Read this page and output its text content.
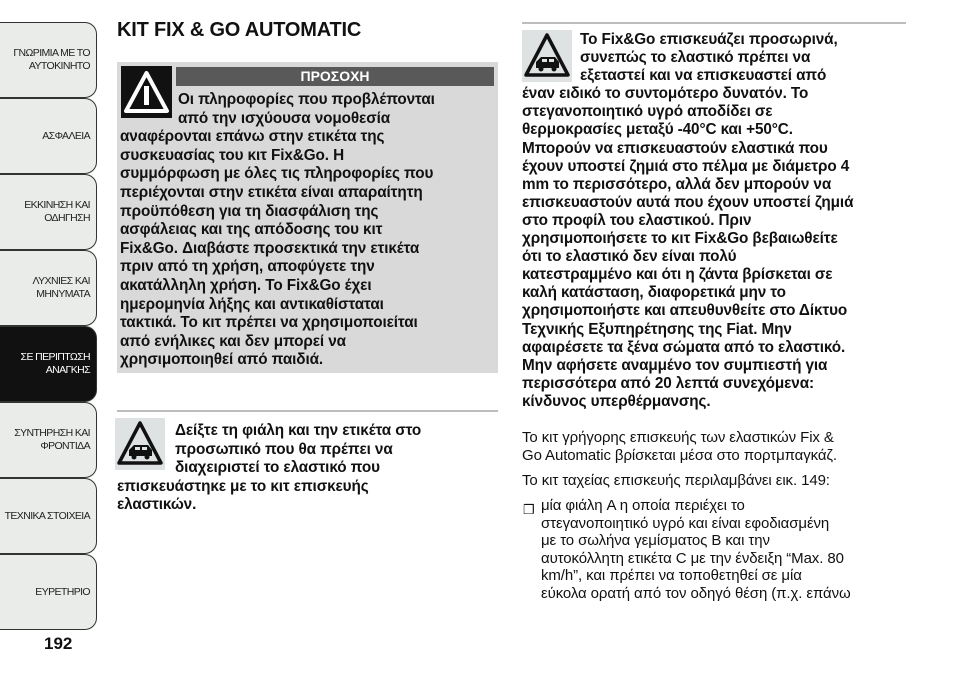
ΓΝΩΡΙΜΙΑ ΜΕ ΤΟ
ΑΥΤΟΚΙΝΗΤΟ
ΑΣΦΑΛΕΙΑ
ΕΚΚΙΝΗΣΗ ΚΑΙ
ΟΔΗΓΗΣΗ
ΛΥΧΝΙΕΣ ΚΑΙ
ΜΗΝΥΜΑΤΑ
ΣΕ ΠΕΡΙΠΤΩΣΗ
ΑΝΑΓΚΗΣ
ΣΥΝΤΗΡΗΣΗ ΚΑΙ
ΦΡΟΝΤΙΔΑ
ΤΕΧΝΙΚΑ ΣΤΟΙΧΕΙΑ
ΕΥΡΕΤΗΡΙΟ
192
KIT FIX & GO AUTOMATIC
ΠΡΟΣΟΧΗ
Οι πληροφορίες που προβλέπονται
από την ισχύουσα νομοθεσία
αναφέρονται επάνω στην ετικέτα της
συσκευασίας του κιτ Fix&Go. Η
συμμόρφωση με όλες τις πληροφορίες που
περιέχονται στην ετικέτα είναι απαραίτητη
προϋπόθεση για τη διασφάλιση της
ασφάλειας και της απόδοσης του κιτ
Fix&Go. Διαβάστε προσεκτικά την ετικέτα
πριν από τη χρήση, αποφύγετε την
ακατάλληλη χρήση. Το Fix&Go έχει
ημερομηνία λήξης και αντικαθίσταται
τακτικά. Το κιτ πρέπει να χρησιμοποιείται
από ενήλικες και δεν μπορεί να
χρησιμοποιηθεί από παιδιά.
Δείξτε τη φιάλη και την ετικέτα στο
προσωπικό που θα πρέπει να
διαχειριστεί το ελαστικό που
επισκευάστηκε με το κιτ επισκευής
ελαστικών.
Το Fix&Go επισκευάζει προσωρινά,
συνεπώς το ελαστικό πρέπει να
εξεταστεί και να επισκευαστεί από
έναν ειδικό το συντομότερο δυνατόν. Το
στεγανοποιητικό υγρό αποδίδει σε
θερμοκρασίες μεταξύ -40°C και +50°C.
Μπορούν να επισκευαστούν ελαστικά που
έχουν υποστεί ζημιά στο πέλμα με διάμετρο 4
mm το περισσότερο, αλλά δεν μπορούν να
επισκευαστούν αυτά που έχουν υποστεί ζημιά
στο προφίλ του ελαστικού. Πριν
χρησιμοποιήσετε το κιτ Fix&Go βεβαιωθείτε
ότι το ελαστικό δεν είναι πολύ
κατεστραμμένο και ότι η ζάντα βρίσκεται σε
καλή κατάσταση, διαφορετικά μην το
χρησιμοποιήστε και απευθυνθείτε στο Δίκτυο
Τεχνικής Εξυπηρέτησης της Fiat. Μην
αφαιρέσετε τα ξένα σώματα από το ελαστικό.
Μην αφήσετε αναμμένο τον συμπιεστή για
περισσότερα από 20 λεπτά συνεχόμενα:
κίνδυνος υπερθέρμανσης.
Το κιτ γρήγορης επισκευής των ελαστικών Fix &
Go Automatic βρίσκεται μέσα στο πορτμπαγκάζ.
Το κιτ ταχείας επισκευής περιλαμβάνει εικ. 149:
❒ μία φιάλη A η οποία περιέχει το
στεγανοποιητικό υγρό και είναι εφοδιασμένη
με το σωλήνα γεμίσματος B και την
αυτοκόλλητη ετικέτα C με την ένδειξη “Max. 80
km/h”, και πρέπει να τοποθετηθεί σε μία
εύκολα ορατή από τον οδηγό θέση (π.χ. επάνω
